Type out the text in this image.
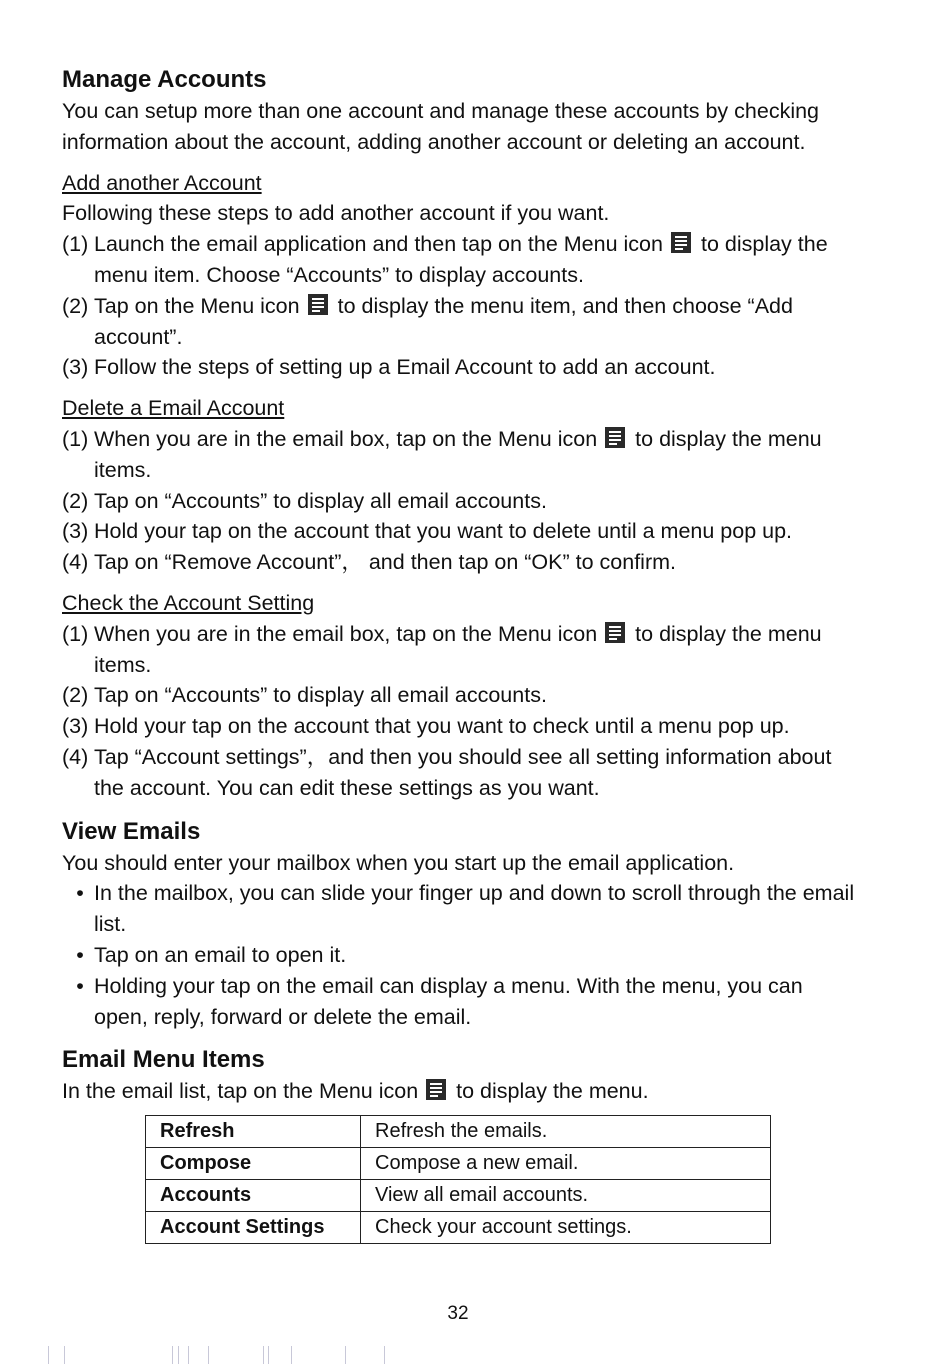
Manage Accounts

You can setup more than one account and manage these accounts by checking information about the account, adding another account or deleting an account.

Add another Account

Following these steps to add another account if you want.

(1) Launch the email application and then tap on the Menu icon to display the menu item. Choose “Accounts” to display accounts.
(2) Tap on the Menu icon to display the menu item, and then choose “Add account”.
(3) Follow the steps of setting up a Email Account to add an account.
Delete a Email Account
(1) When you are in the email box, tap on the Menu icon to display the menu items.
(2) Tap on “Accounts” to display all email accounts.
(3) Hold your tap on the account that you want to delete until a menu pop up.
(4) Tap on “Remove Account”， and then tap on “OK” to confirm.
Check the Account Setting
(1) When you are in the email box, tap on the Menu icon to display the menu items.
(2) Tap on “Accounts” to display all email accounts.
(3) Hold your tap on the account that you want to check until a menu pop up.
(4) Tap “Account settings”，and then you should see all setting information about the account. You can edit these settings as you want.
View Emails

You should enter your mailbox when you start up the email application.

• In the mailbox, you can slide your finger up and down to scroll through the email list.
• Tap on an email to open it.
• Holding your tap on the email can display a menu. With the menu, you can open, reply, forward or delete the email.
Email Menu Items

In the email list, tap on the Menu icon to display the menu.

Refresh	Refresh the emails.
Compose	Compose a new email.
Accounts	View all email accounts.
Account Settings	Check your account settings.
32
